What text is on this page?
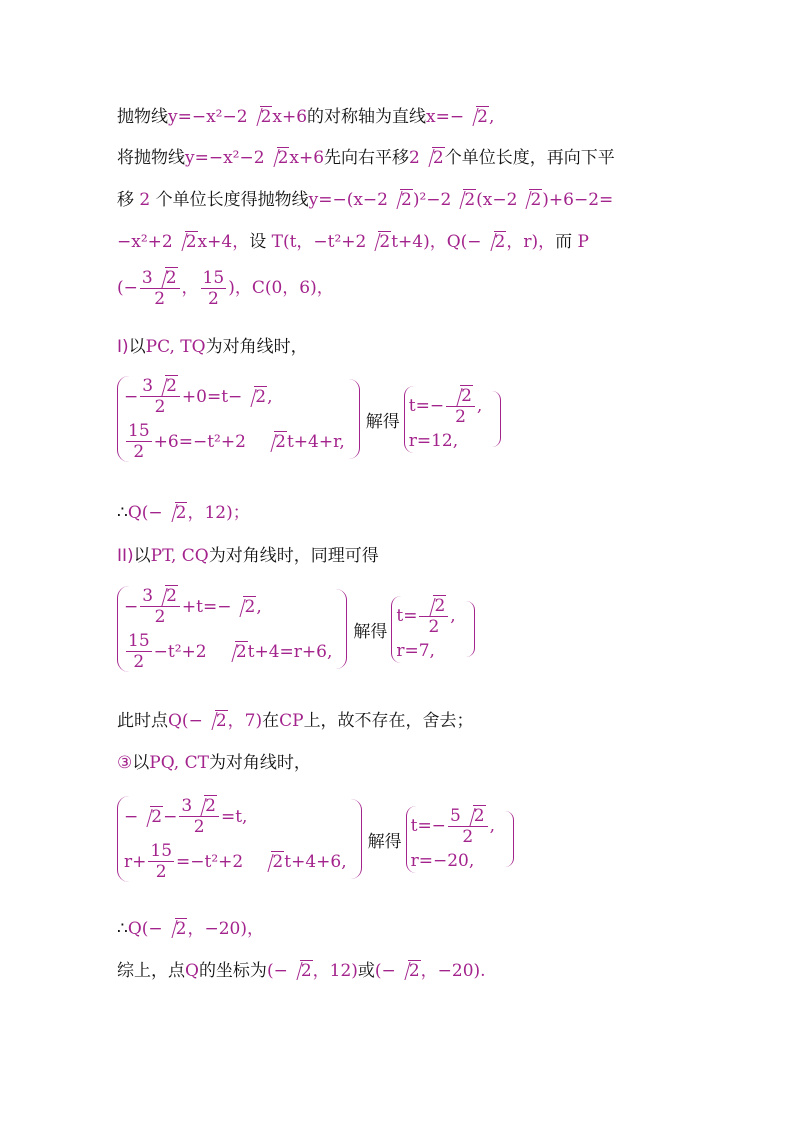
抛物线y=−x²−2 2x+6的对称轴为直线x=− 2,
将抛物线y=−x²−2 2x+6先向右平移2 2个单位长度，再向下平
移 2 个单位长度得抛物线y=−(x−2 2)²−2 2(x−2 2)+6−2=
−x²+2 2x+4，设 T(t，−t²+2 2t+4)，Q(− 2，r)，而 P
(− $\frac{3 2}{2}$ ， $\frac{15}{2}$ )，C(0，6)，
I)以PC, TQ为对角线时，
− $\frac{3 2}{2} +0=t- 2$ ,
$\frac{15}{2} +6=-t^2+2$ 2 t+4+r,
解得
$t=- \frac{2}{2}$ ,
r=12,
∴Q(− 2，12)；
II)以PT, CQ为对角线时，同理可得
− $\frac{3 2}{2} +t=- 2$ ,
$\frac{15}{2} -t^2+2$ 2 t+4=r+6,
解得
$t= \frac{2}{2}$ ,
r=7,
此时点Q(− 2，7)在CP上，故不存在，舍去；
③以PQ, CT为对角线时，
− $2 - \frac{3 2}{2} =t$,
$r+ \frac{15}{2} =-t^2+2$ 2 t+4+6,
解得
$t=- \frac{5 2}{2}$ ,
r=−20,
∴Q(− 2，−20)，
综上，点Q的坐标为(− 2，12)或(− 2，−20).
